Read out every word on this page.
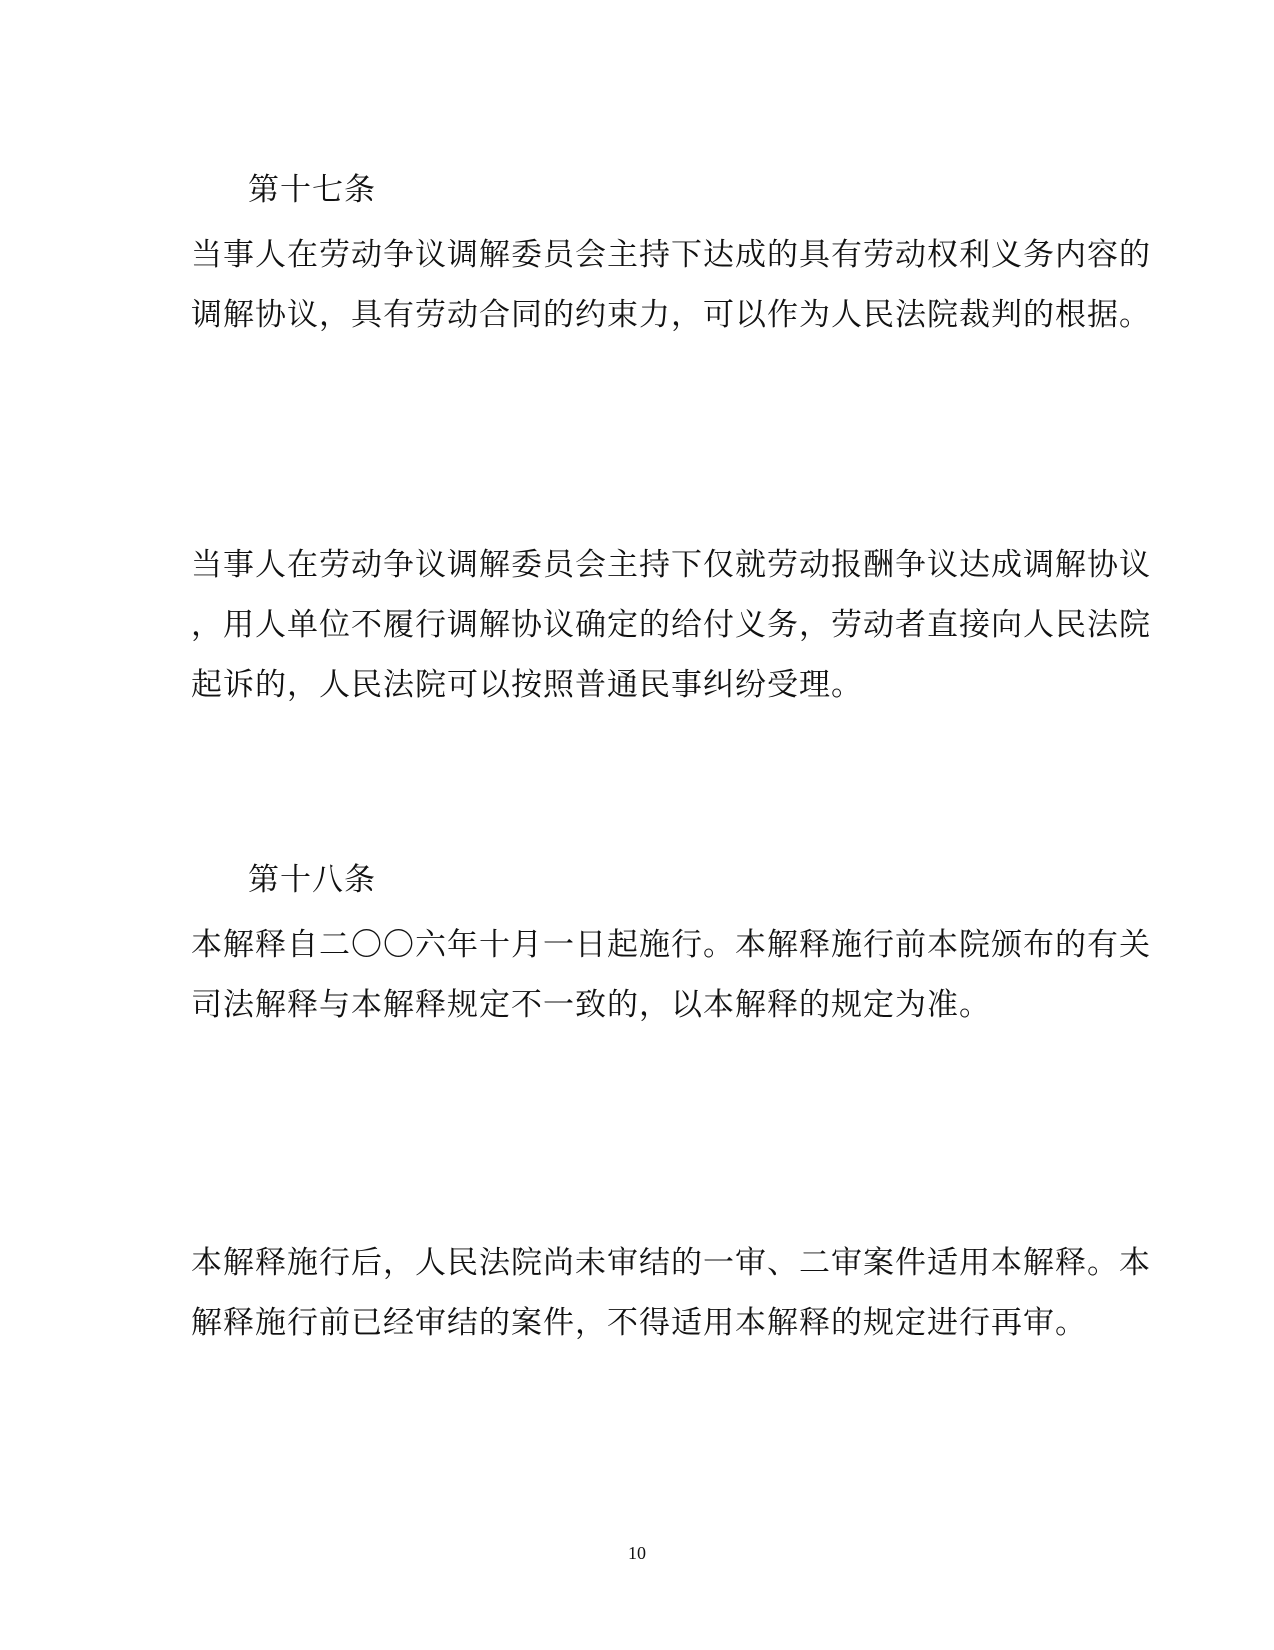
第十七条
当事人在劳动争议调解委员会主持下达成的具有劳动权利义务内容的
调解协议，具有劳动合同的约束力，可以作为人民法院裁判的根据。
当事人在劳动争议调解委员会主持下仅就劳动报酬争议达成调解协议
，用人单位不履行调解协议确定的给付义务，劳动者直接向人民法院
起诉的，人民法院可以按照普通民事纠纷受理。
第十八条
本解释自二〇〇六年十月一日起施行。本解释施行前本院颁布的有关
司法解释与本解释规定不一致的，以本解释的规定为准。
本解释施行后，人民法院尚未审结的一审、二审案件适用本解释。本
解释施行前已经审结的案件，不得适用本解释的规定进行再审。
10
